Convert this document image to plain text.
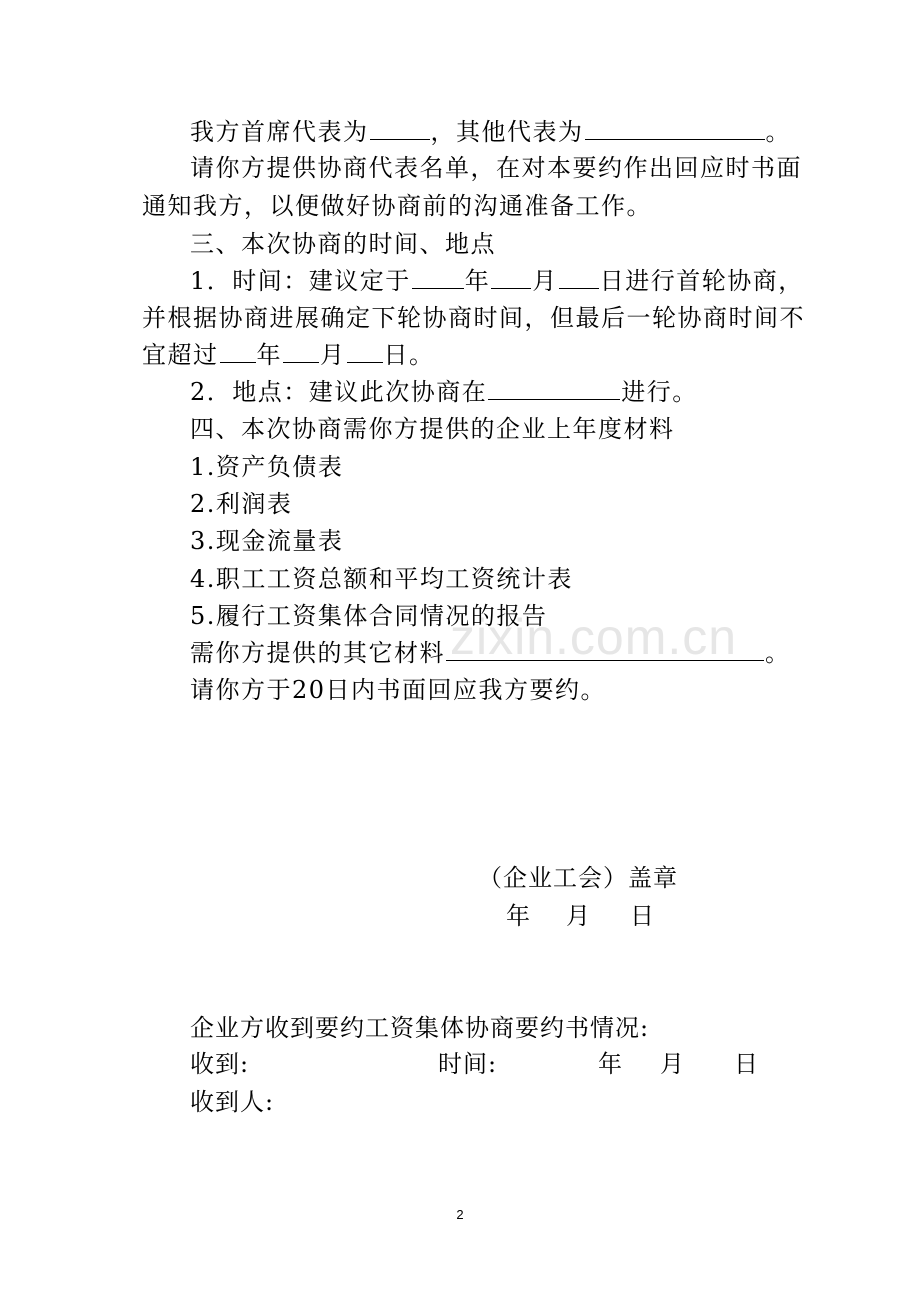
zixin.com.cn
我方首席代表为	，其他代表为	。
请你方提供协商代表名单，在对本要约作出回应时书面
通知我方，以便做好协商前的沟通准备工作。
三、本次协商的时间、地点
1．时间：建议定于 年 月 日进行首轮协商，
并根据协商进展确定下轮协商时间，但最后一轮协商时间不
宜超过 年 月 日。
2．地点：建议此次协商在	进行。
四、本次协商需你方提供的企业上年度材料
1.资产负债表
2.利润表
3.现金流量表
4.职工工资总额和平均工资统计表
5.履行工资集体合同情况的报告
需你方提供的其它材料	。
请你方于20日内书面回应我方要约。
（企业工会）盖章
年 月 日
企业方收到要约工资集体协商要约书情况:
收到:	时间:	年 月 日
收到人:
2
